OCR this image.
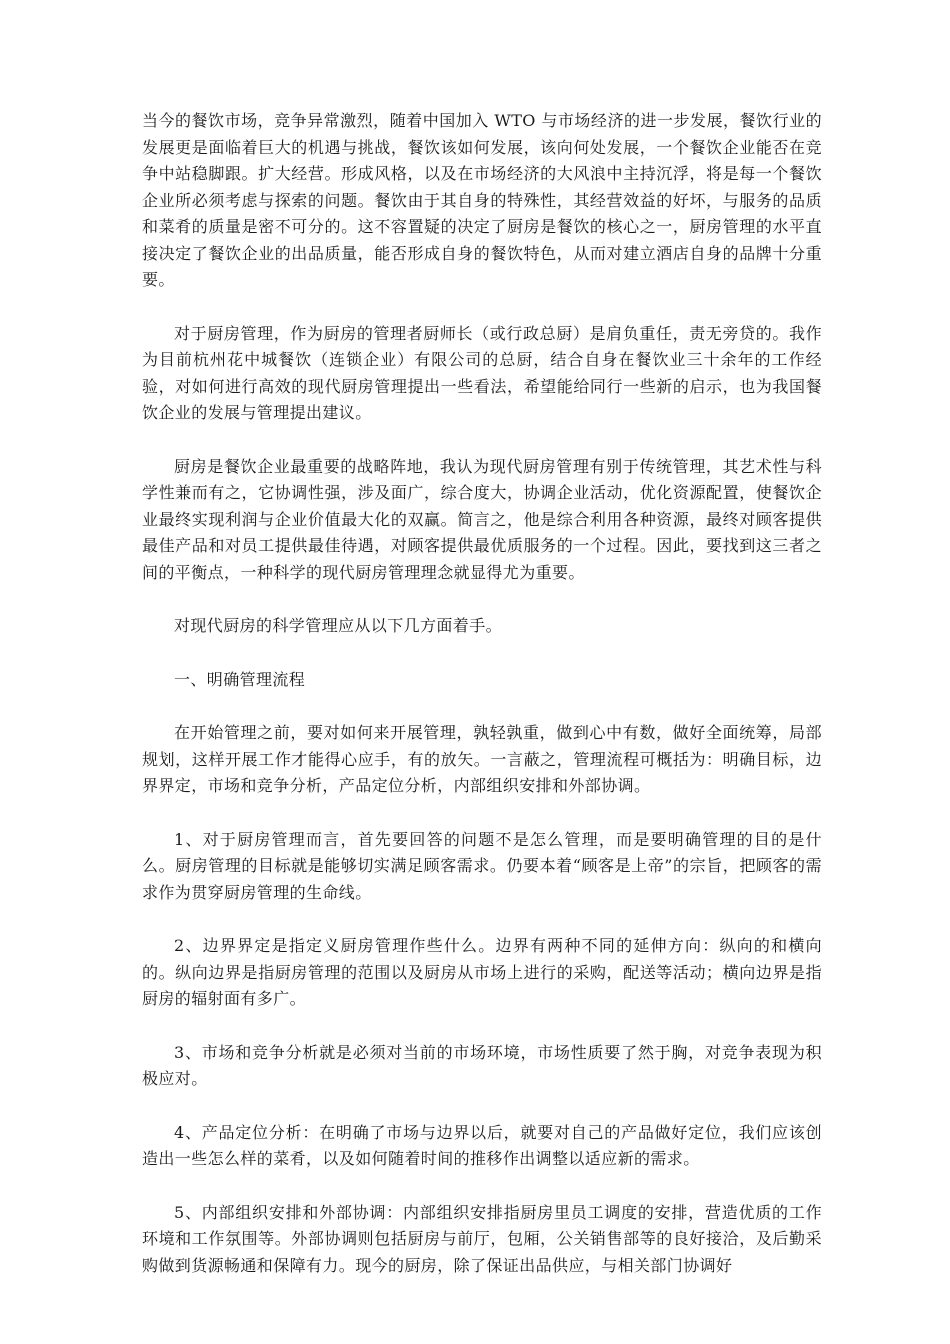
当今的餐饮市场，竞争异常激烈，随着中国加入 WTO 与市场经济的进一步发展，餐饮行业的发展更是面临着巨大的机遇与挑战，餐饮该如何发展，该向何处发展，一个餐饮企业能否在竞争中站稳脚跟。扩大经营。形成风格，以及在市场经济的大风浪中主持沉浮，将是每一个餐饮企业所必须考虑与探索的问题。餐饮由于其自身的特殊性，其经营效益的好坏，与服务的品质和菜肴的质量是密不可分的。这不容置疑的决定了厨房是餐饮的核心之一，厨房管理的水平直接决定了餐饮企业的出品质量，能否形成自身的餐饮特色，从而对建立酒店自身的品牌十分重要。

对于厨房管理，作为厨房的管理者厨师长（或行政总厨）是肩负重任，责无旁贷的。我作为目前杭州花中城餐饮（连锁企业）有限公司的总厨，结合自身在餐饮业三十余年的工作经验，对如何进行高效的现代厨房管理提出一些看法，希望能给同行一些新的启示，也为我国餐饮企业的发展与管理提出建议。

厨房是餐饮企业最重要的战略阵地，我认为现代厨房管理有别于传统管理，其艺术性与科学性兼而有之，它协调性强，涉及面广，综合度大，协调企业活动，优化资源配置，使餐饮企业最终实现利润与企业价值最大化的双赢。简言之，他是综合利用各种资源，最终对顾客提供最佳产品和对员工提供最佳待遇，对顾客提供最优质服务的一个过程。因此，要找到这三者之间的平衡点，一种科学的现代厨房管理理念就显得尤为重要。

对现代厨房的科学管理应从以下几方面着手。

一、明确管理流程

在开始管理之前，要对如何来开展管理，孰轻孰重，做到心中有数，做好全面统筹，局部规划，这样开展工作才能得心应手，有的放矢。一言蔽之，管理流程可概括为：明确目标，边界界定，市场和竞争分析，产品定位分析，内部组织安排和外部协调。

1、对于厨房管理而言，首先要回答的问题不是怎么管理，而是要明确管理的目的是什么。厨房管理的目标就是能够切实满足顾客需求。仍要本着“顾客是上帝”的宗旨，把顾客的需求作为贯穿厨房管理的生命线。

2、边界界定是指定义厨房管理作些什么。边界有两种不同的延伸方向：纵向的和横向的。纵向边界是指厨房管理的范围以及厨房从市场上进行的采购，配送等活动；横向边界是指厨房的辐射面有多广。

3、市场和竞争分析就是必须对当前的市场环境，市场性质要了然于胸，对竞争表现为积极应对。

4、产品定位分析：在明确了市场与边界以后，就要对自己的产品做好定位，我们应该创造出一些怎么样的菜肴，以及如何随着时间的推移作出调整以适应新的需求。

5、内部组织安排和外部协调：内部组织安排指厨房里员工调度的安排，营造优质的工作环境和工作氛围等。外部协调则包括厨房与前厅，包厢，公关销售部等的良好接洽，及后勤采购做到货源畅通和保障有力。现今的厨房，除了保证出品供应，与相关部门协调好
